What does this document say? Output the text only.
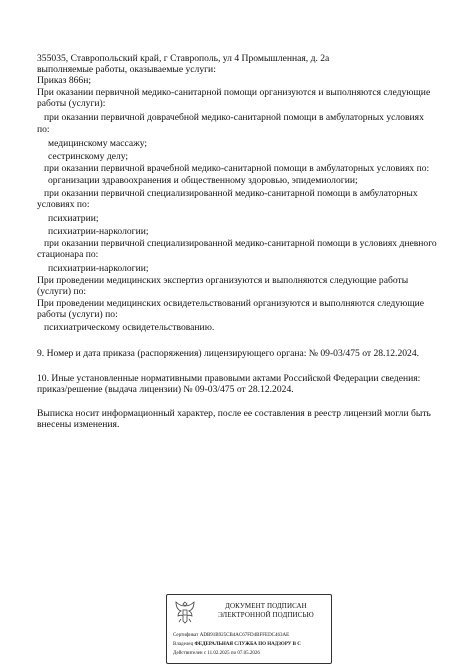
355035, Ставропольский край, г Ставрополь, ул 4 Промышленная, д. 2а

выполняемые работы, оказываемые услуги:

Приказ 866н;

При оказании первичной медико-санитарной помощи организуются и выполняются следующие

работы (услуги):

при оказании первичной доврачебной медико-санитарной помощи в амбулаторных условиях

по:

медицинскому массажу;

сестринскому делу;

при оказании первичной врачебной медико-санитарной помощи в амбулаторных условиях по:

организации здравоохранения и общественному здоровью, эпидемиологии;

при оказании первичной специализированной медико-санитарной помощи в амбулаторных

условиях по:

психиатрии;

психиатрии-наркологии;

при оказании первичной специализированной медико-санитарной помощи в условиях дневного

стационара по:

психиатрии-наркологии;

При проведении медицинских экспертиз организуются и выполняются следующие работы

(услуги) по:

При проведении медицинских освидетельствований организуются и выполняются следующие

работы (услуги) по:

психиатрическому освидетельствованию.

9. Номер и дата приказа (распоряжения) лицензирующего органа: № 09-03/475 от 28.12.2024.

10. Иные установленные нормативными правовыми актами Российской Федерации сведения:

приказ/решение (выдача лицензии) № 09-03/475 от 28.12.2024.

Выписка носит информационный характер, после ее составления в реестр лицензий могли быть

внесены изменения.

ДОКУМЕНТ ПОДПИСАН
ЭЛЕКТРОННОЙ ПОДПИСЬЮ

Сертификат ADB91B925CB4AC67FD4BFFEDC463AE

Владелец ФЕДЕРАЛЬНАЯ СЛУЖБА ПО НАДЗОРУ В С

Действителен с 11.02.2025 по 07.05.2026
